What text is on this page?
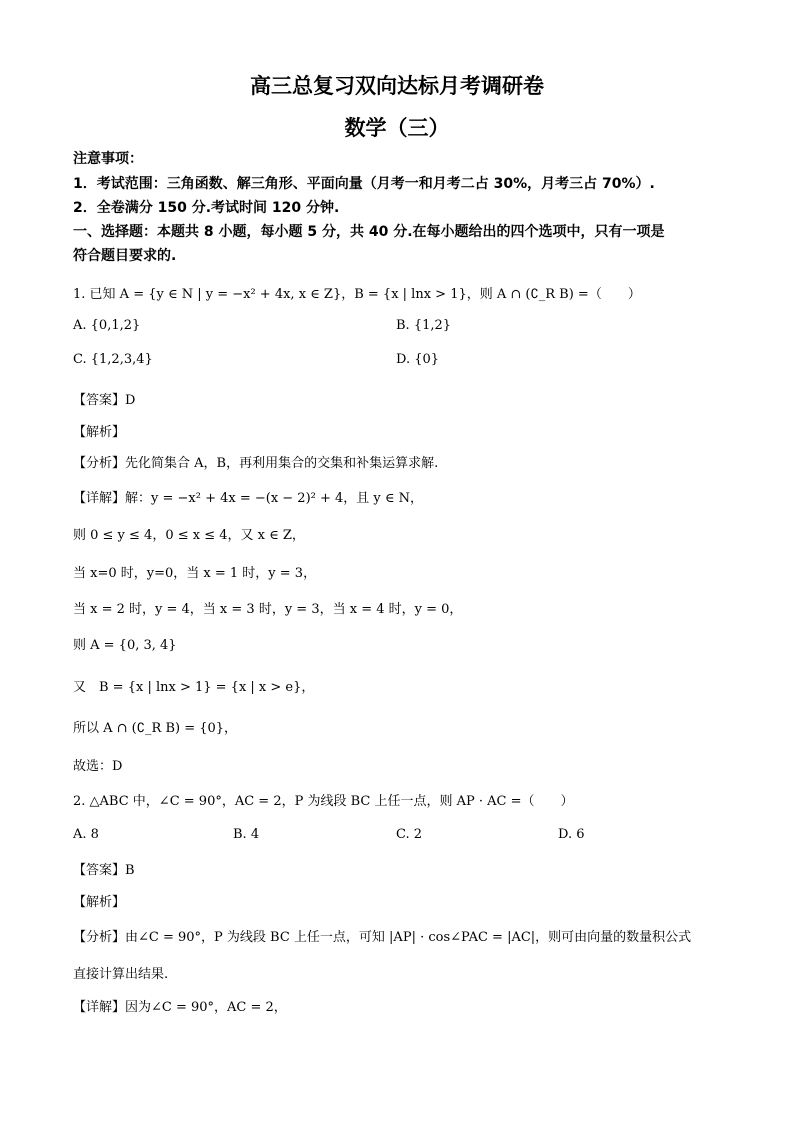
高三总复习双向达标月考调研卷
数学（三）
注意事项：
1．考试范围：三角函数、解三角形、平面向量（月考一和月考二占 30%，月考三占 70%）.
2．全卷满分 150 分.考试时间 120 分钟.
一、选择题：本题共 8 小题，每小题 5 分，共 40 分.在每小题给出的四个选项中，只有一项是
符合题目要求的.
1. 已知 A = {y ∈ N | y = −x² + 4x, x ∈ Z}，B = {x | lnx > 1}，则 A ∩ (∁_R B) =（　　）
A. {0,1,2}	B. {1,2}
C. {1,2,3,4}	D. {0}
【答案】D
【解析】
【分析】先化简集合 A，B，再利用集合的交集和补集运算求解.
【详解】解：y = −x² + 4x = −(x − 2)² + 4，且 y ∈ N，
则 0 ≤ y ≤ 4，0 ≤ x ≤ 4，又 x ∈ Z，
当 x=0 时，y=0，当 x = 1 时，y = 3，
当 x = 2 时，y = 4，当 x = 3 时，y = 3，当 x = 4 时，y = 0，
则 A = {0, 3, 4}
又　B = {x | lnx > 1} = {x | x > e}，
所以 A ∩ (∁_R B) = {0}，
故选：D
2. △ABC 中，∠C = 90°，AC = 2，P 为线段 BC 上任一点，则 AP · AC =（　　）
A. 8	B. 4	C. 2	D. 6
【答案】B
【解析】
【分析】由∠C = 90°，P 为线段 BC 上任一点，可知 |AP| · cos∠PAC = |AC|，则可由向量的数量积公式
直接计算出结果.
【详解】因为∠C = 90°，AC = 2，
